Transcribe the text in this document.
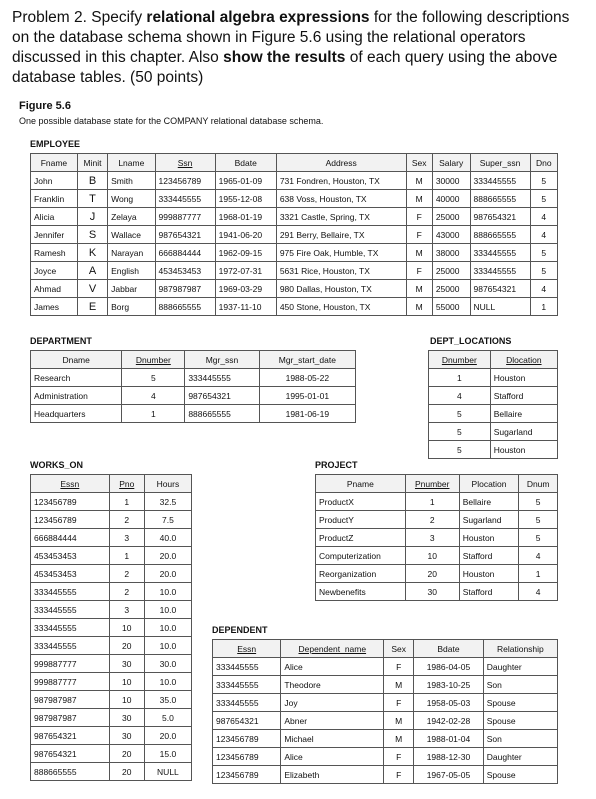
Problem 2. Specify relational algebra expressions for the following descriptions on the database schema shown in Figure 5.6 using the relational operators discussed in this chapter. Also show the results of each query using the above database tables. (50 points)
Figure 5.6
One possible database state for the COMPANY relational database schema.
EMPLOYEE
Fname	Minit	Lname	Ssn	Bdate	Address	Sex	Salary	Super_ssn	Dno
John	B	Smith	123456789	1965-01-09	731 Fondren, Houston, TX	M	30000	333445555	5
Franklin	T	Wong	333445555	1955-12-08	638 Voss, Houston, TX	M	40000	888665555	5
Alicia	J	Zelaya	999887777	1968-01-19	3321 Castle, Spring, TX	F	25000	987654321	4
Jennifer	S	Wallace	987654321	1941-06-20	291 Berry, Bellaire, TX	F	43000	888665555	4
Ramesh	K	Narayan	666884444	1962-09-15	975 Fire Oak, Humble, TX	M	38000	333445555	5
Joyce	A	English	453453453	1972-07-31	5631 Rice, Houston, TX	F	25000	333445555	5
Ahmad	V	Jabbar	987987987	1969-03-29	980 Dallas, Houston, TX	M	25000	987654321	4
James	E	Borg	888665555	1937-11-10	450 Stone, Houston, TX	M	55000	NULL	1
DEPARTMENT
Dname	Dnumber	Mgr_ssn	Mgr_start_date
Research	5	333445555	1988-05-22
Administration	4	987654321	1995-01-01
Headquarters	1	888665555	1981-06-19
DEPT_LOCATIONS
Dnumber	Dlocation
1	Houston
4	Stafford
5	Bellaire
5	Sugarland
5	Houston
WORKS_ON
Essn	Pno	Hours
123456789	1	32.5
123456789	2	7.5
666884444	3	40.0
453453453	1	20.0
453453453	2	20.0
333445555	2	10.0
333445555	3	10.0
333445555	10	10.0
333445555	20	10.0
999887777	30	30.0
999887777	10	10.0
987987987	10	35.0
987987987	30	5.0
987654321	30	20.0
987654321	20	15.0
888665555	20	NULL
PROJECT
Pname	Pnumber	Plocation	Dnum
ProductX	1	Bellaire	5
ProductY	2	Sugarland	5
ProductZ	3	Houston	5
Computerization	10	Stafford	4
Reorganization	20	Houston	1
Newbenefits	30	Stafford	4
DEPENDENT
Essn	Dependent_name	Sex	Bdate	Relationship
333445555	Alice	F	1986-04-05	Daughter
333445555	Theodore	M	1983-10-25	Son
333445555	Joy	F	1958-05-03	Spouse
987654321	Abner	M	1942-02-28	Spouse
123456789	Michael	M	1988-01-04	Son
123456789	Alice	F	1988-12-30	Daughter
123456789	Elizabeth	F	1967-05-05	Spouse
